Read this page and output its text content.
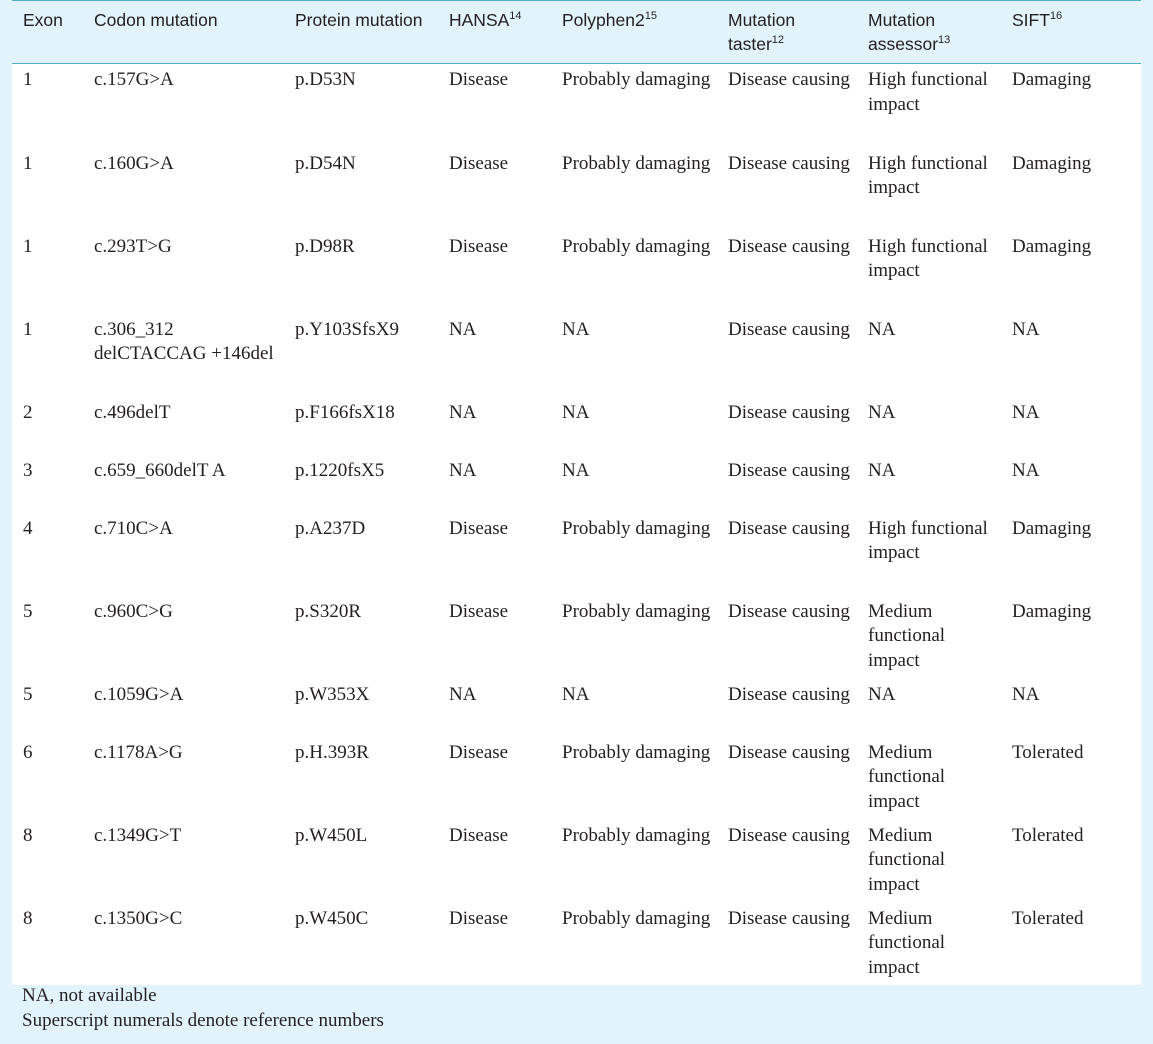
Exon	Codon mutation	Protein mutation	HANSA$^{14}$	$Polyphen2^{15}$	Mutation taster$^{12}$	Mutation assessor$^{13}$	SIFT$^{16}$
1	c.157G>A	p.D53N	Disease	Probably damaging	Disease causing	High functional impact	Damaging
1	c.160G>A	p.D54N	Disease	Probably damaging	Disease causing	High functional impact	Damaging
1	c.293T>G	p.D98R	Disease	Probably damaging	Disease causing	High functional impact	Damaging
1	c.306_312 delCTACCAG +146del	p.Y103SfsX9	NA	NA	Disease causing	NA	NA
2	c.496delT	p.F166fsX18	NA	NA	Disease causing	NA	NA
3	c.659_660delT A	p.1220fsX5	NA	NA	Disease causing	NA	NA
4	c.710C>A	p.A237D	Disease	Probably damaging	Disease causing	High functional impact	Damaging
5	c.960C>G	p.S320R	Disease	Probably damaging	Disease causing	Medium functional impact	Damaging
5	c.1059G>A	p.W353X	NA	NA	Disease causing	NA	NA
6	c.1178A>G	p.H.393R	Disease	Probably damaging	Disease causing	Medium functional impact	Tolerated
8	c.1349G>T	p.W450L	Disease	Probably damaging	Disease causing	Medium functional impact	Tolerated
8	c.1350G>C	p.W450C	Disease	Probably damaging	Disease causing	Medium functional impact	Tolerated
NA, not available
Superscript numerals denote reference numbers
